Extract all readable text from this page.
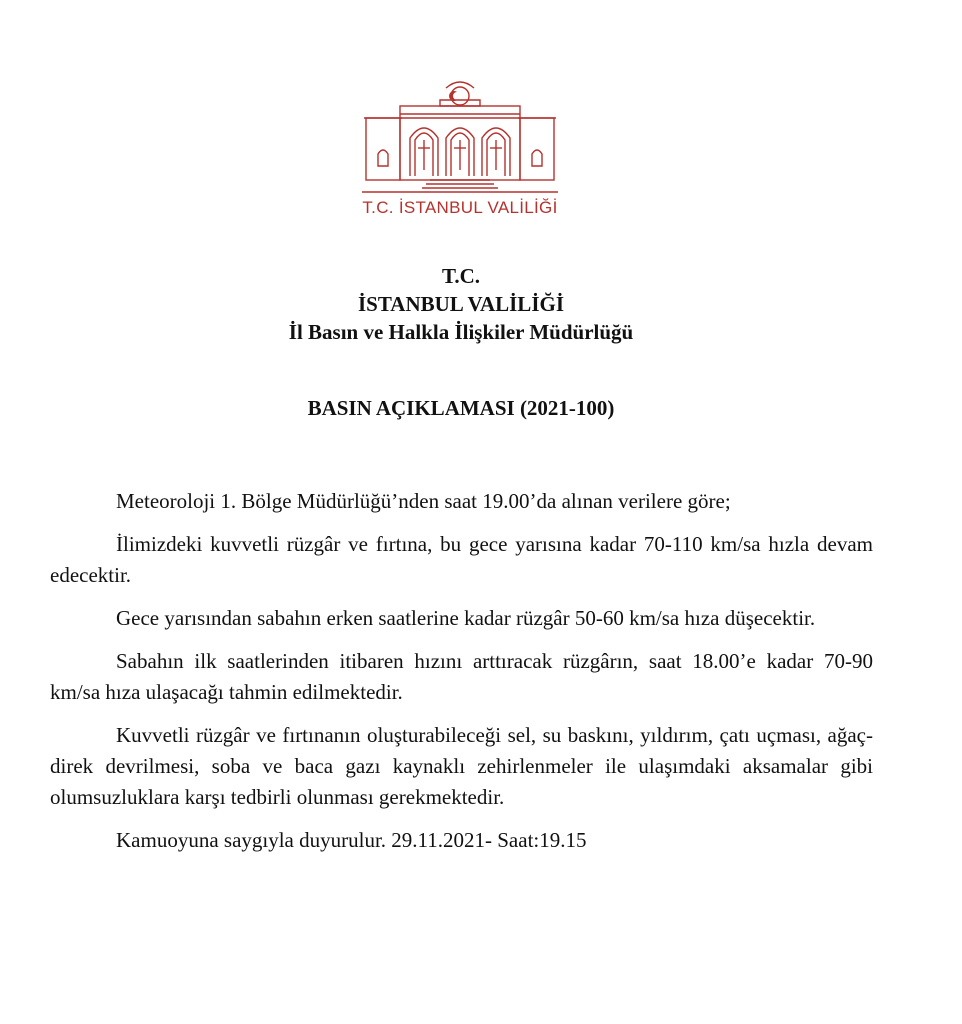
T.C. İSTANBUL VALİLİĞİ
T.C.
İSTANBUL VALİLİĞİ
İl Basın ve Halkla İlişkiler Müdürlüğü
BASIN AÇIKLAMASI (2021-100)

Meteoroloji 1. Bölge Müdürlüğü’nden saat 19.00’da alınan verilere göre;

İlimizdeki kuvvetli rüzgâr ve fırtına, bu gece yarısına kadar 70-110 km/sa hızla devam edecektir.

Gece yarısından sabahın erken saatlerine kadar rüzgâr 50-60 km/sa hıza düşecektir.

Sabahın ilk saatlerinden itibaren hızını arttıracak rüzgârın, saat 18.00’e kadar 70-90 km/sa hıza ulaşacağı tahmin edilmektedir.

Kuvvetli rüzgâr ve fırtınanın oluşturabileceği sel, su baskını, yıldırım, çatı uçması, ağaç-direk devrilmesi, soba ve baca gazı kaynaklı zehirlenmeler ile ulaşımdaki aksamalar gibi olumsuzluklara karşı tedbirli olunması gerekmektedir.

Kamuoyuna saygıyla duyurulur. 29.11.2021- Saat:19.15
